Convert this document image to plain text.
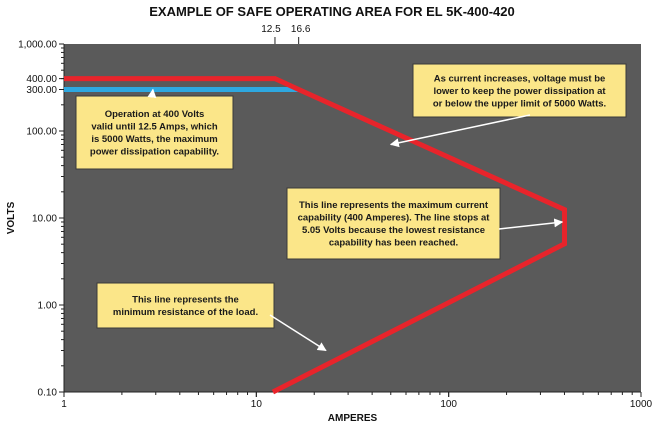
EXAMPLE OF SAFE OPERATING AREA FOR EL 5K-400-420
1	10	100	1000
0.10
1.00
10.00
100.00
300.00
400.00
1,000.00
12.5 16.6
Operation at 400 Volts
valid until 12.5 Amps, which
is 5000 Watts, the maximum
power dissipation capability.
As current increases, voltage must be
lower to keep the power dissipation at
or below the upper limit of 5000 Watts.
This line represents the maximum current
capability (400 Amperes). The line stops at
5.05 Volts because the lowest resistance
capability has been reached.
This line represents the
minimum resistance of the load.
AMPERES
VOLTS
